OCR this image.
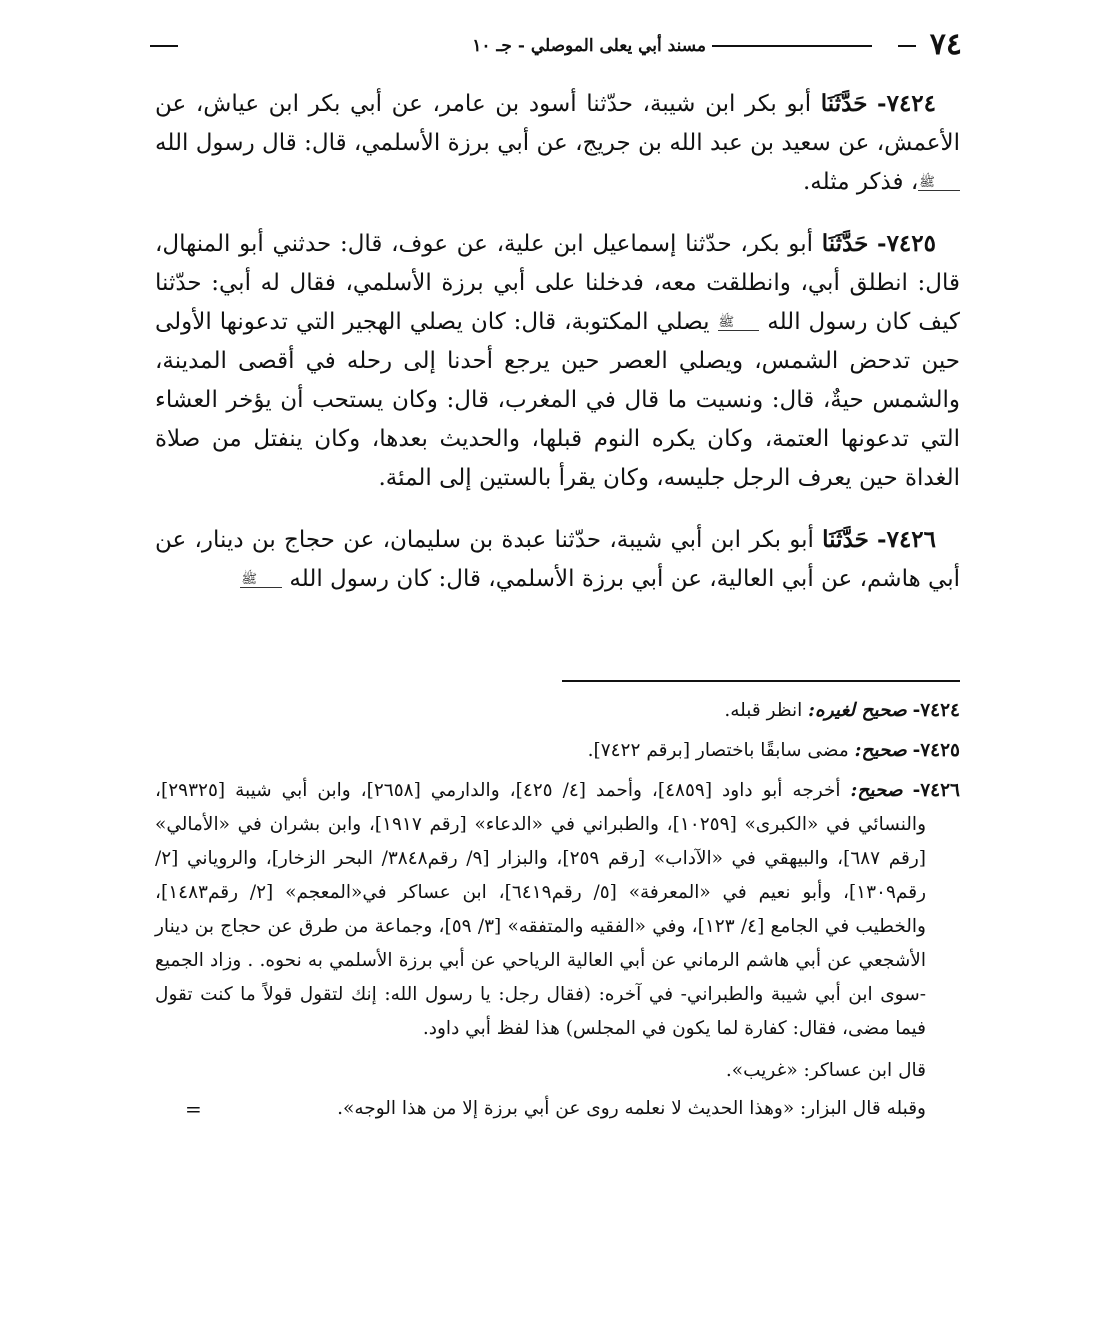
٧٤
مسند أبي يعلى الموصلي - جـ ١٠

٧٤٢٤- حَدَّثَنَا أبو بكر ابن شيبة، حدّثنا أسود بن عامر، عن أبي بكر ابن عياش، عن الأعمش، عن سعيد بن عبد الله بن جريج، عن أبي برزة الأسلمي، قال: قال رسول الله ﷺ، فذكر مثله.

٧٤٢٥- حَدَّثَنَا أبو بكر، حدّثنا إسماعيل ابن علية، عن عوف، قال: حدثني أبو المنهال، قال: انطلق أبي، وانطلقت معه، فدخلنا على أبي برزة الأسلمي، فقال له أبي: حدّثنا كيف كان رسول الله ﷺ يصلي المكتوبة، قال: كان يصلي الهجير التي تدعونها الأولى حين تدحض الشمس، ويصلي العصر حين يرجع أحدنا إلى رحله في أقصى المدينة، والشمس حيةٌ، قال: ونسيت ما قال في المغرب، قال: وكان يستحب أن يؤخر العشاء التي تدعونها العتمة، وكان يكره النوم قبلها، والحديث بعدها، وكان ينفتل من صلاة الغداة حين يعرف الرجل جليسه، وكان يقرأ بالستين إلى المئة.

٧٤٢٦- حَدَّثَنَا أبو بكر ابن أبي شيبة، حدّثنا عبدة بن سليمان، عن حجاج بن دينار، عن أبي هاشم، عن أبي العالية، عن أبي برزة الأسلمي، قال: كان رسول الله ﷺ

٧٤٢٤- صحيح لغيره: انظر قبله.

٧٤٢٥- صحيح: مضى سابقًا باختصار [برقم ٧٤٢٢].

٧٤٢٦- صحيح: أخرجه أبو داود [٤٨٥٩]، وأحمد [٤/ ٤٢٥]، والدارمي [٢٦٥٨]، وابن أبي شيبة [٢٩٣٢٥]، والنسائي في «الكبرى» [١٠٢٥٩]، والطبراني في «الدعاء» [رقم ١٩١٧]، وابن بشران في «الأمالي» [رقم ٦٨٧]، والبيهقي في «الآداب» [رقم ٢٥٩]، والبزار [٩/ رقم٣٨٤٨/ البحر الزخار]، والروياني [٢/ رقم١٣٠٩]، وأبو نعيم في «المعرفة» [٥/ رقم٦٤١٩]، ابن عساكر في«المعجم» [٢/ رقم١٤٨٣]، والخطيب في الجامع [٤/ ١٢٣]، وفي «الفقيه والمتفقه» [٣/ ٥٩]، وجماعة من طرق عن حجاج بن دينار الأشجعي عن أبي هاشم الرماني عن أبي العالية الرياحي عن أبي برزة الأسلمي به نحوه. . وزاد الجميع -سوى ابن أبي شيبة والطبراني- في آخره: (فقال رجل: يا رسول الله: إنك لتقول قولاً ما كنت تقول فيما مضى، فقال: كفارة لما يكون في المجلس) هذا لفظ أبي داود.

قال ابن عساكر: «غريب».

وقبله قال البزار: «وهذا الحديث لا نعلمه روى عن أبي برزة إلا من هذا الوجه».
=
